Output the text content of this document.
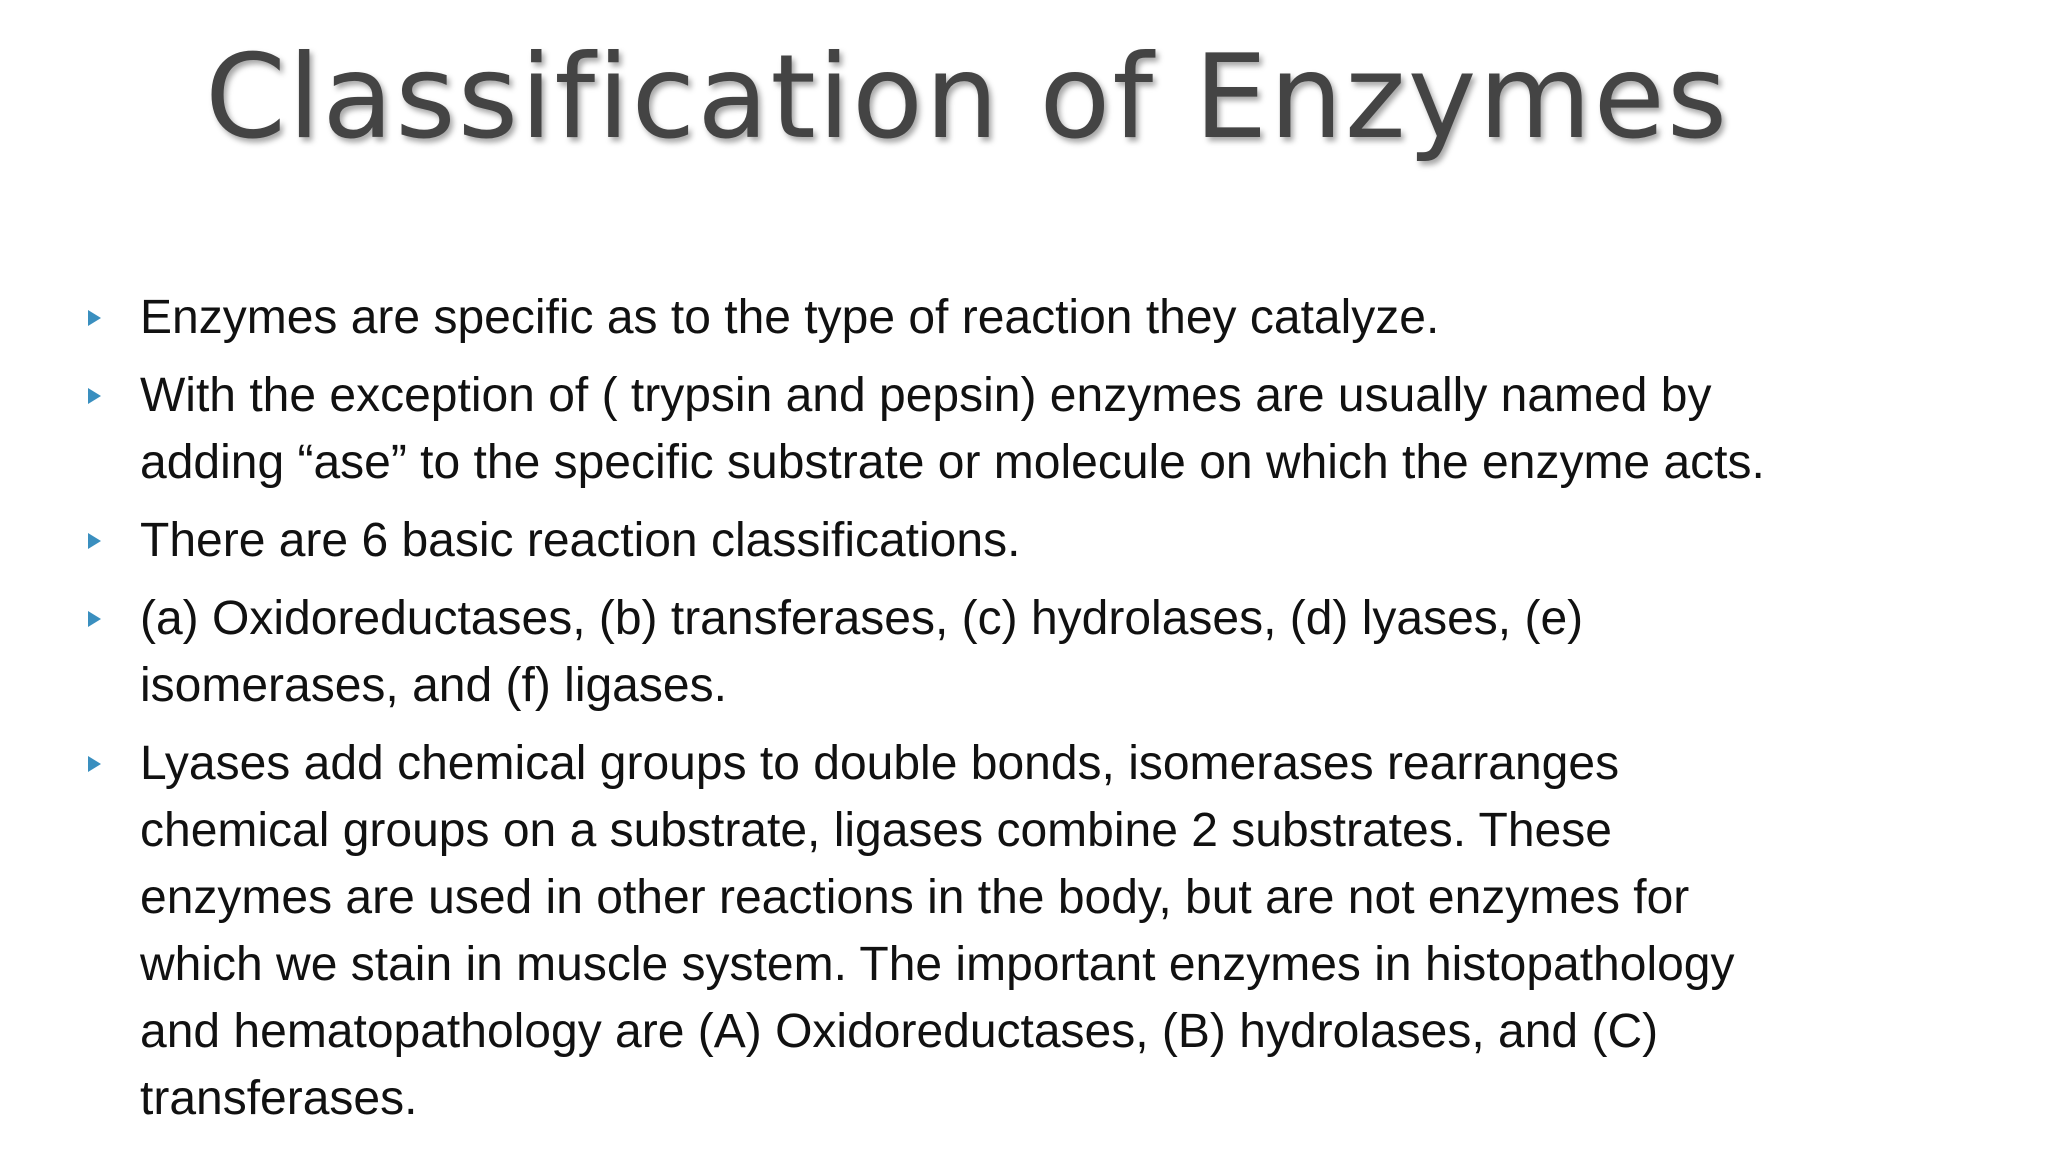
Classification of Enzymes
Enzymes are specific as to the type of reaction they catalyze.
With the exception of ( trypsin and pepsin) enzymes are usually named by
adding “ase” to the specific substrate or molecule on which the enzyme acts.
There are 6 basic reaction classifications.
(a) Oxidoreductases, (b) transferases, (c) hydrolases, (d) lyases, (e)
isomerases, and (f) ligases.
Lyases add chemical groups to double bonds, isomerases rearranges
chemical groups on a substrate, ligases combine 2 substrates. These
enzymes are used in other reactions in the body, but are not enzymes for
which we stain in muscle system. The important enzymes in histopathology
and hematopathology are (A) Oxidoreductases, (B) hydrolases, and (C)
transferases.
